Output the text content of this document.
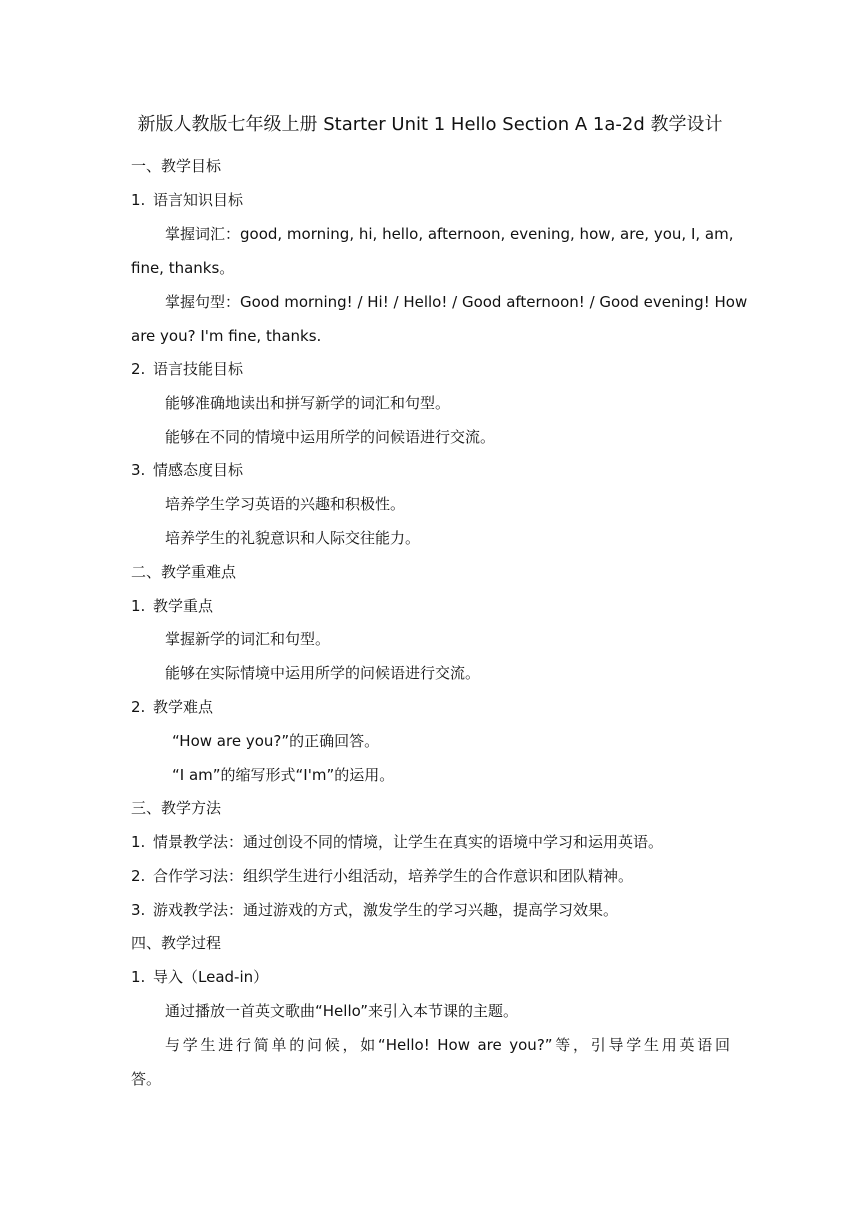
新版人教版七年级上册 Starter Unit 1 Hello Section A 1a-2d 教学设计
一、教学目标
1. 语言知识目标
掌握词汇：good, morning, hi, hello, afternoon, evening, how, are, you, I, am,
fine, thanks。
掌握句型：Good morning! / Hi! / Hello! / Good afternoon! / Good evening! How
are you? I'm fine, thanks.
2. 语言技能目标
能够准确地读出和拼写新学的词汇和句型。
能够在不同的情境中运用所学的问候语进行交流。
3. 情感态度目标
培养学生学习英语的兴趣和积极性。
培养学生的礼貌意识和人际交往能力。
二、教学重难点
1. 教学重点
掌握新学的词汇和句型。
能够在实际情境中运用所学的问候语进行交流。
2. 教学难点
“How are you?”的正确回答。
“I am”的缩写形式“I'm”的运用。
三、教学方法
1. 情景教学法：通过创设不同的情境，让学生在真实的语境中学习和运用英语。
2. 合作学习法：组织学生进行小组活动，培养学生的合作意识和团队精神。
3. 游戏教学法：通过游戏的方式，激发学生的学习兴趣，提高学习效果。
四、教学过程
1. 导入（Lead-in）
通过播放一首英文歌曲“Hello”来引入本节课的主题。
与学生进行简单的问候，如“Hello! How are you?”等，引导学生用英语回
答。
